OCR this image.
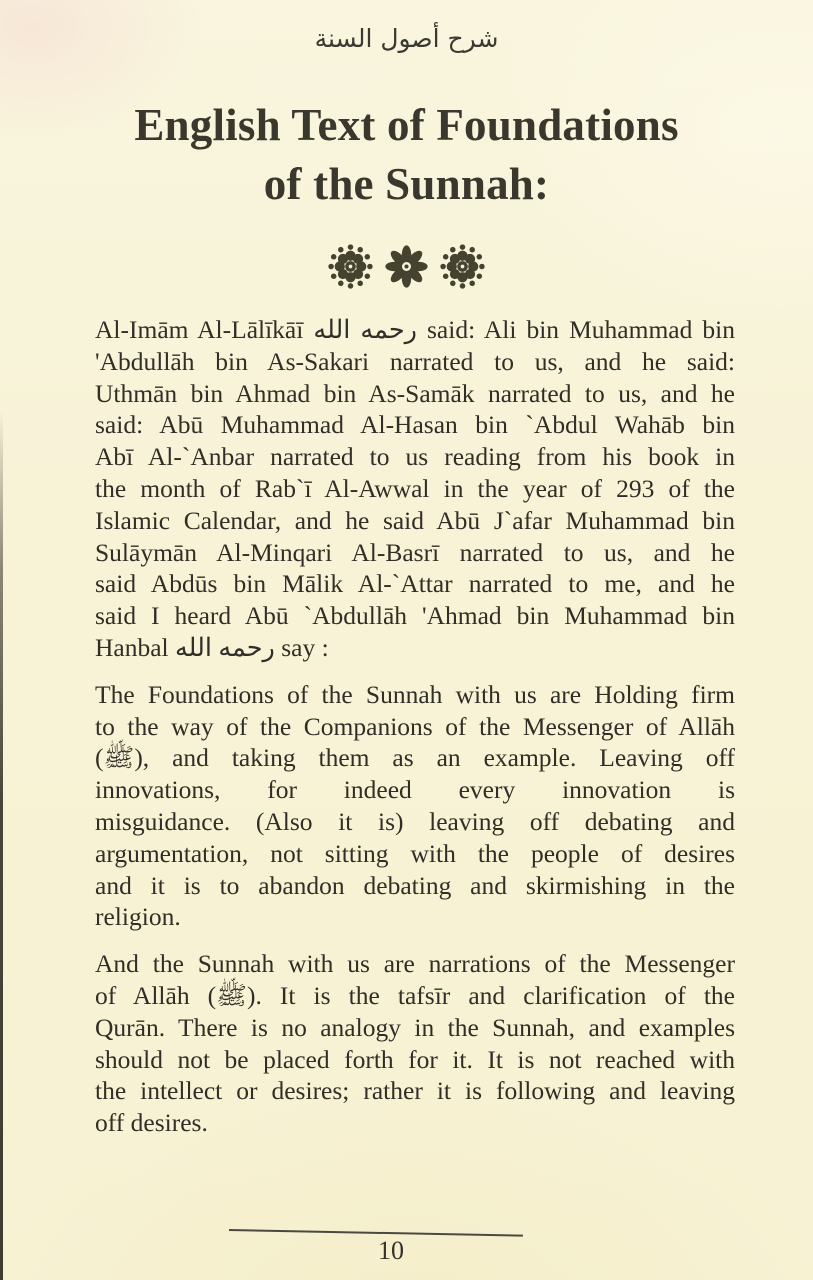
شرح أصول السنة
English Text of Foundations
of the Sunnah:
Al-Imām Al-Lālīkāī رحمه الله said: Ali bin Muhammad bin
'Abdullāh bin As-Sakari narrated to us, and he said:
Uthmān bin Ahmad bin As-Samāk narrated to us, and he
said: Abū Muhammad Al-Hasan bin `Abdul Wahāb bin
Abī Al-`Anbar narrated to us reading from his book in
the month of Rab`ī Al-Awwal in the year of 293 of the
Islamic Calendar, and he said Abū J`afar Muhammad bin
Sulāymān Al-Minqari Al-Basrī narrated to us, and he
said Abdūs bin Mālik Al-`Attar narrated to me, and he
said I heard Abū `Abdullāh 'Ahmad bin Muhammad bin
Hanbal رحمه الله say :
The Foundations of the Sunnah with us are Holding firm
to the way of the Companions of the Messenger of Allāh
(ﷺ), and taking them as an example. Leaving off
innovations, for indeed every innovation is
misguidance. (Also it is) leaving off debating and
argumentation, not sitting with the people of desires
and it is to abandon debating and skirmishing in the
religion.
And the Sunnah with us are narrations of the Messenger
of Allāh (ﷺ). It is the tafsīr and clarification of the
Qurān. There is no analogy in the Sunnah, and examples
should not be placed forth for it. It is not reached with
the intellect or desires; rather it is following and leaving
off desires.
10
